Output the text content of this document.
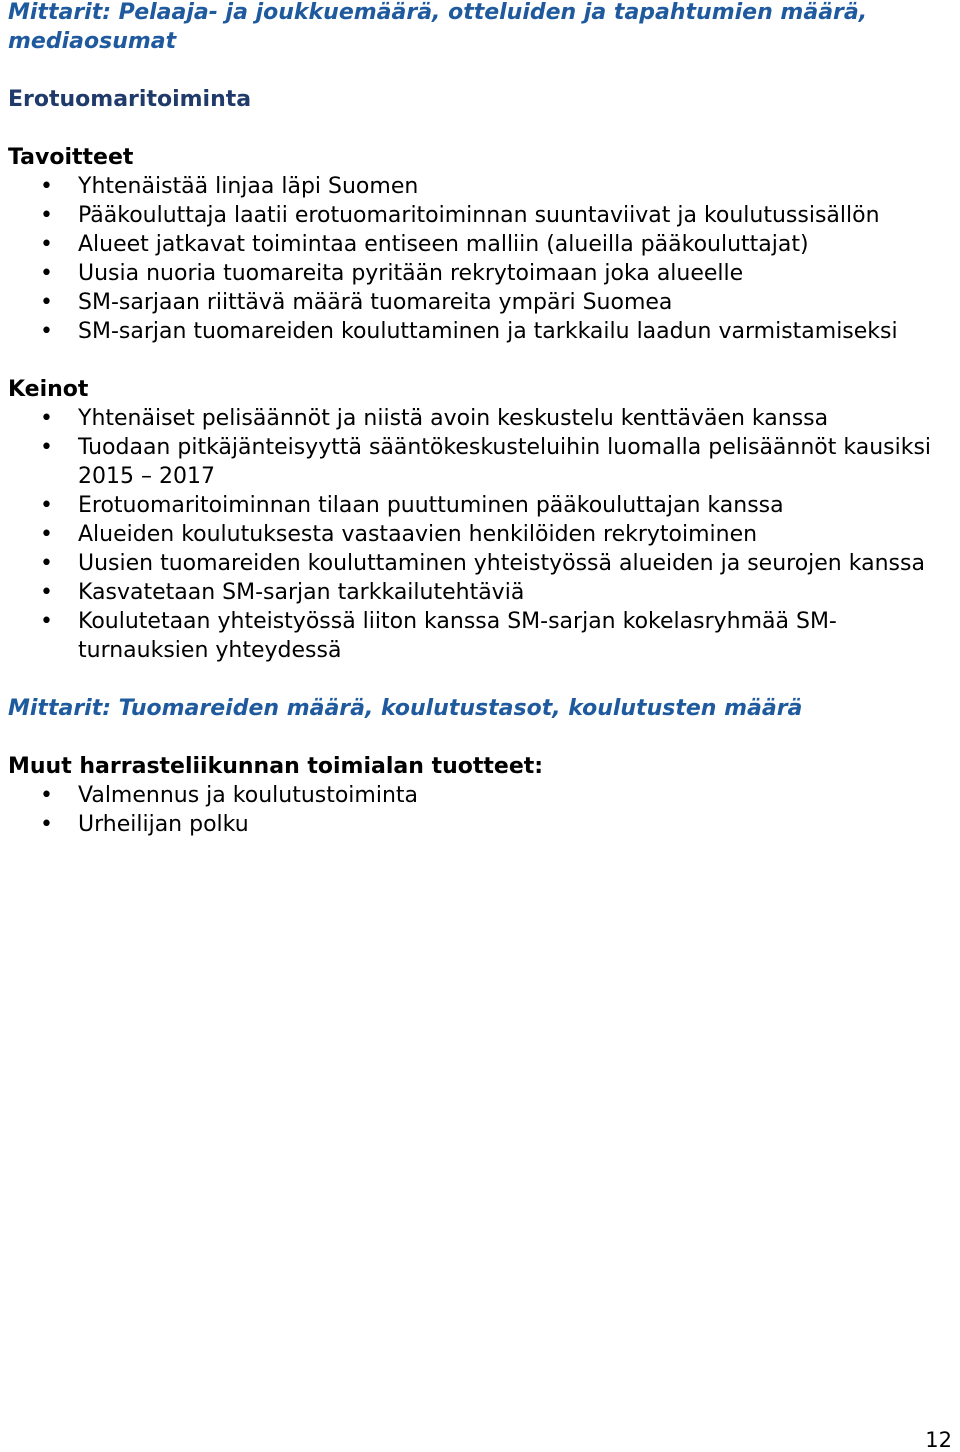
Mittarit: Pelaaja- ja joukkuemäärä, otteluiden ja tapahtumien määrä, mediaosumat

Erotuomaritoiminta

Tavoitteet

• Yhtenäistää linjaa läpi Suomen
• Pääkouluttaja laatii erotuomaritoiminnan suuntaviivat ja koulutussisällön
• Alueet jatkavat toimintaa entiseen malliin (alueilla pääkouluttajat)
• Uusia nuoria tuomareita pyritään rekrytoimaan joka alueelle
• SM-sarjaan riittävä määrä tuomareita ympäri Suomea
• SM-sarjan tuomareiden kouluttaminen ja tarkkailu laadun varmistamiseksi

Keinot

• Yhtenäiset pelisäännöt ja niistä avoin keskustelu kenttäväen kanssa
• Tuodaan pitkäjänteisyyttä sääntökeskusteluihin luomalla pelisäännöt kausiksi 2015 – 2017
• Erotuomaritoiminnan tilaan puuttuminen pääkouluttajan kanssa
• Alueiden koulutuksesta vastaavien henkilöiden rekrytoiminen
• Uusien tuomareiden kouluttaminen yhteistyössä alueiden ja seurojen kanssa
• Kasvatetaan SM-sarjan tarkkailutehtäviä
• Koulutetaan yhteistyössä liiton kanssa SM-sarjan kokelasryhmää SM-turnauksien yhteydessä

Mittarit: Tuomareiden määrä, koulutustasot, koulutusten määrä

Muut harrasteliikunnan toimialan tuotteet:

• Valmennus ja koulutustoiminta
• Urheilijan polku
12
